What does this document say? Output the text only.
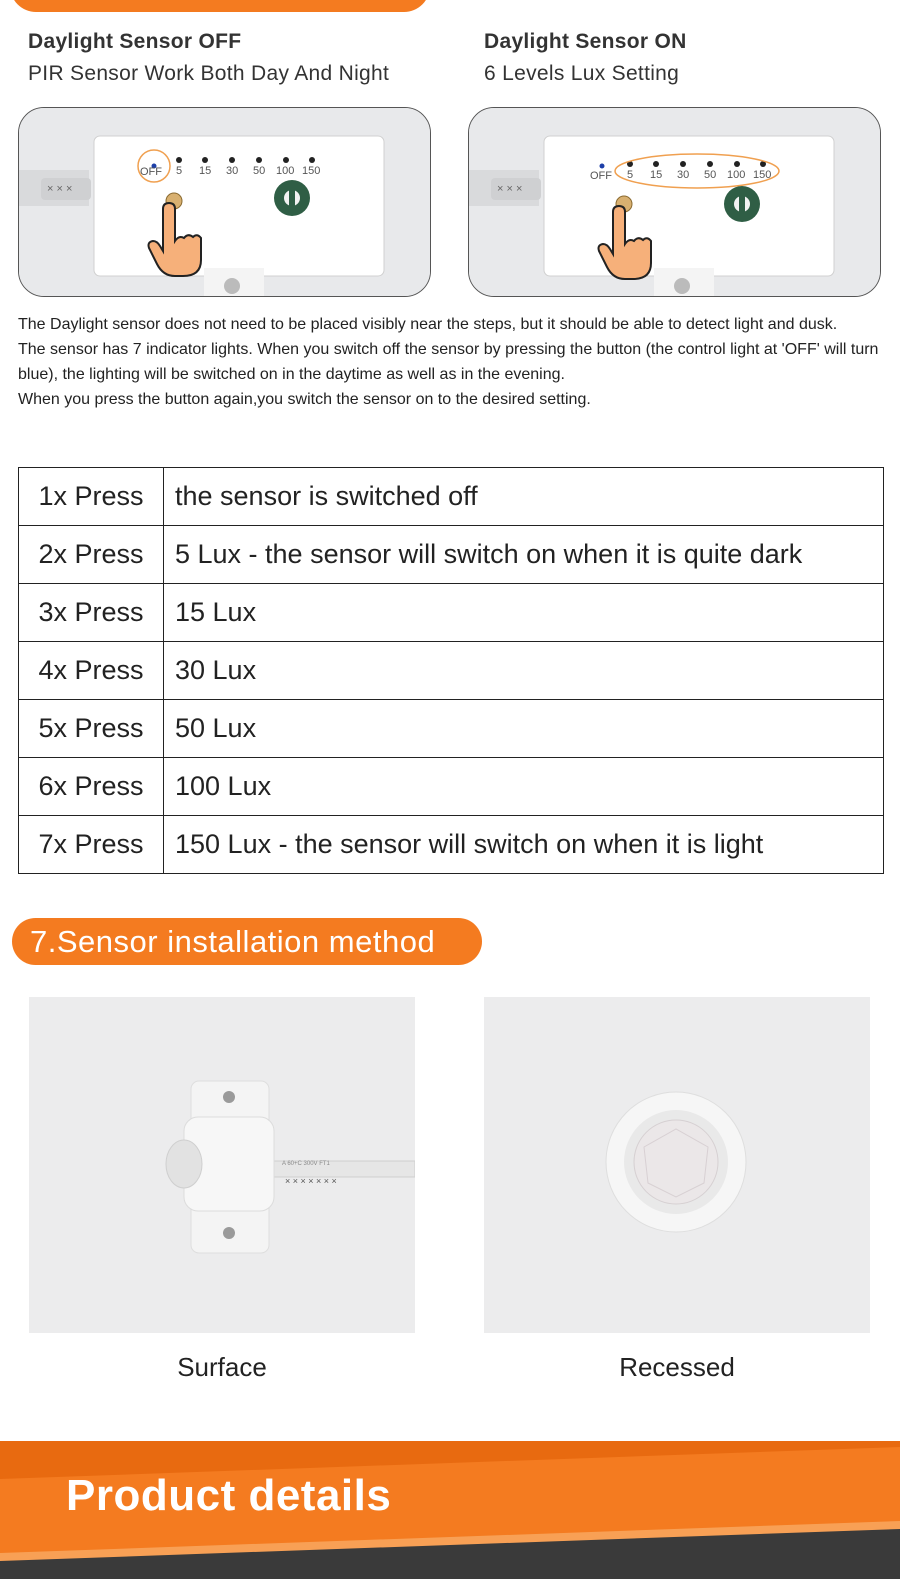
Daylight Sensor OFF
PIR Sensor Work Both Day And Night
Daylight Sensor ON
6 Levels Lux Setting
× × ×
OFF 5 15 30 50 100 150
× × ×
OFF 5 15 30 50 100 150

The Daylight sensor does not need to be placed visibly near the steps, but it should be able to detect light and dusk.

The sensor has 7 indicator lights. When you switch off the sensor by pressing the button (the control light at 'OFF' will turn blue), the lighting will be switched on in the daytime as well as in the evening.

When you press the button again,you switch the sensor on to the desired setting.

1x Press	the sensor is switched off
2x Press	5 Lux - the sensor will switch on when it is quite dark
3x Press	15 Lux
4x Press	30 Lux
5x Press	50 Lux
6x Press	100 Lux
7x Press	150 Lux - the sensor will switch on when it is light
7.Sensor installation method
A 60+C 300V FT1
× × × × × × ×
Surface	Recessed
Product details
